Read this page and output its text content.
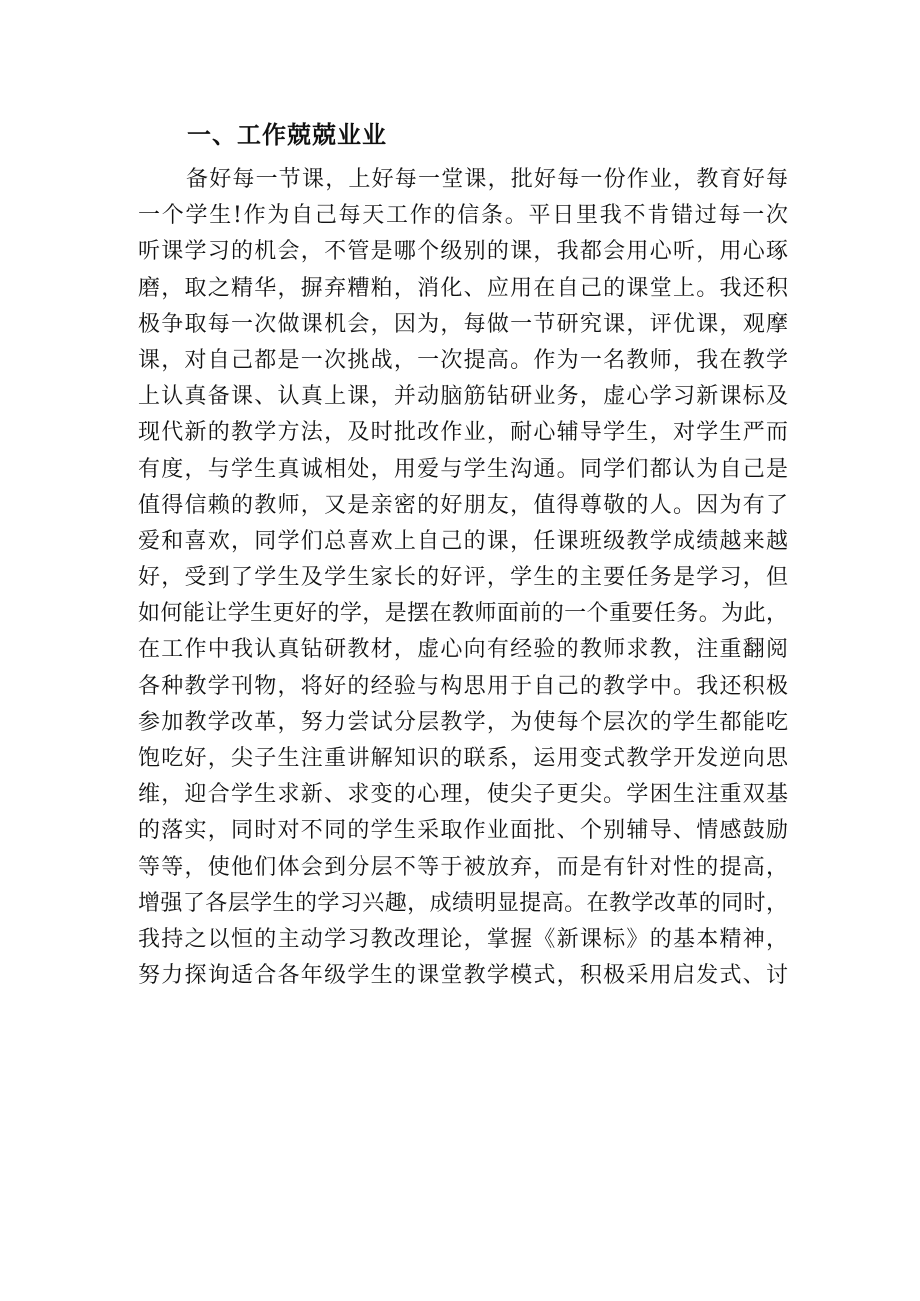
一、工作兢兢业业
备好每一节课，上好每一堂课，批好每一份作业，教育好每
一个学生!作为自己每天工作的信条。平日里我不肯错过每一次
听课学习的机会，不管是哪个级别的课，我都会用心听，用心琢
磨，取之精华，摒弃糟粕，消化、应用在自己的课堂上。我还积
极争取每一次做课机会，因为，每做一节研究课，评优课，观摩
课，对自己都是一次挑战，一次提高。作为一名教师，我在教学
上认真备课、认真上课，并动脑筋钻研业务，虚心学习新课标及
现代新的教学方法，及时批改作业，耐心辅导学生，对学生严而
有度，与学生真诚相处，用爱与学生沟通。同学们都认为自己是
值得信赖的教师，又是亲密的好朋友，值得尊敬的人。因为有了
爱和喜欢，同学们总喜欢上自己的课，任课班级教学成绩越来越
好，受到了学生及学生家长的好评，学生的主要任务是学习，但
如何能让学生更好的学，是摆在教师面前的一个重要任务。为此，
在工作中我认真钻研教材，虚心向有经验的教师求教，注重翻阅
各种教学刊物，将好的经验与构思用于自己的教学中。我还积极
参加教学改革，努力尝试分层教学，为使每个层次的学生都能吃
饱吃好，尖子生注重讲解知识的联系，运用变式教学开发逆向思
维，迎合学生求新、求变的心理，使尖子更尖。学困生注重双基
的落实，同时对不同的学生采取作业面批、个别辅导、情感鼓励
等等，使他们体会到分层不等于被放弃，而是有针对性的提高，
增强了各层学生的学习兴趣，成绩明显提高。在教学改革的同时，
我持之以恒的主动学习教改理论，掌握《新课标》的基本精神，
努力探询适合各年级学生的课堂教学模式，积极采用启发式、讨
